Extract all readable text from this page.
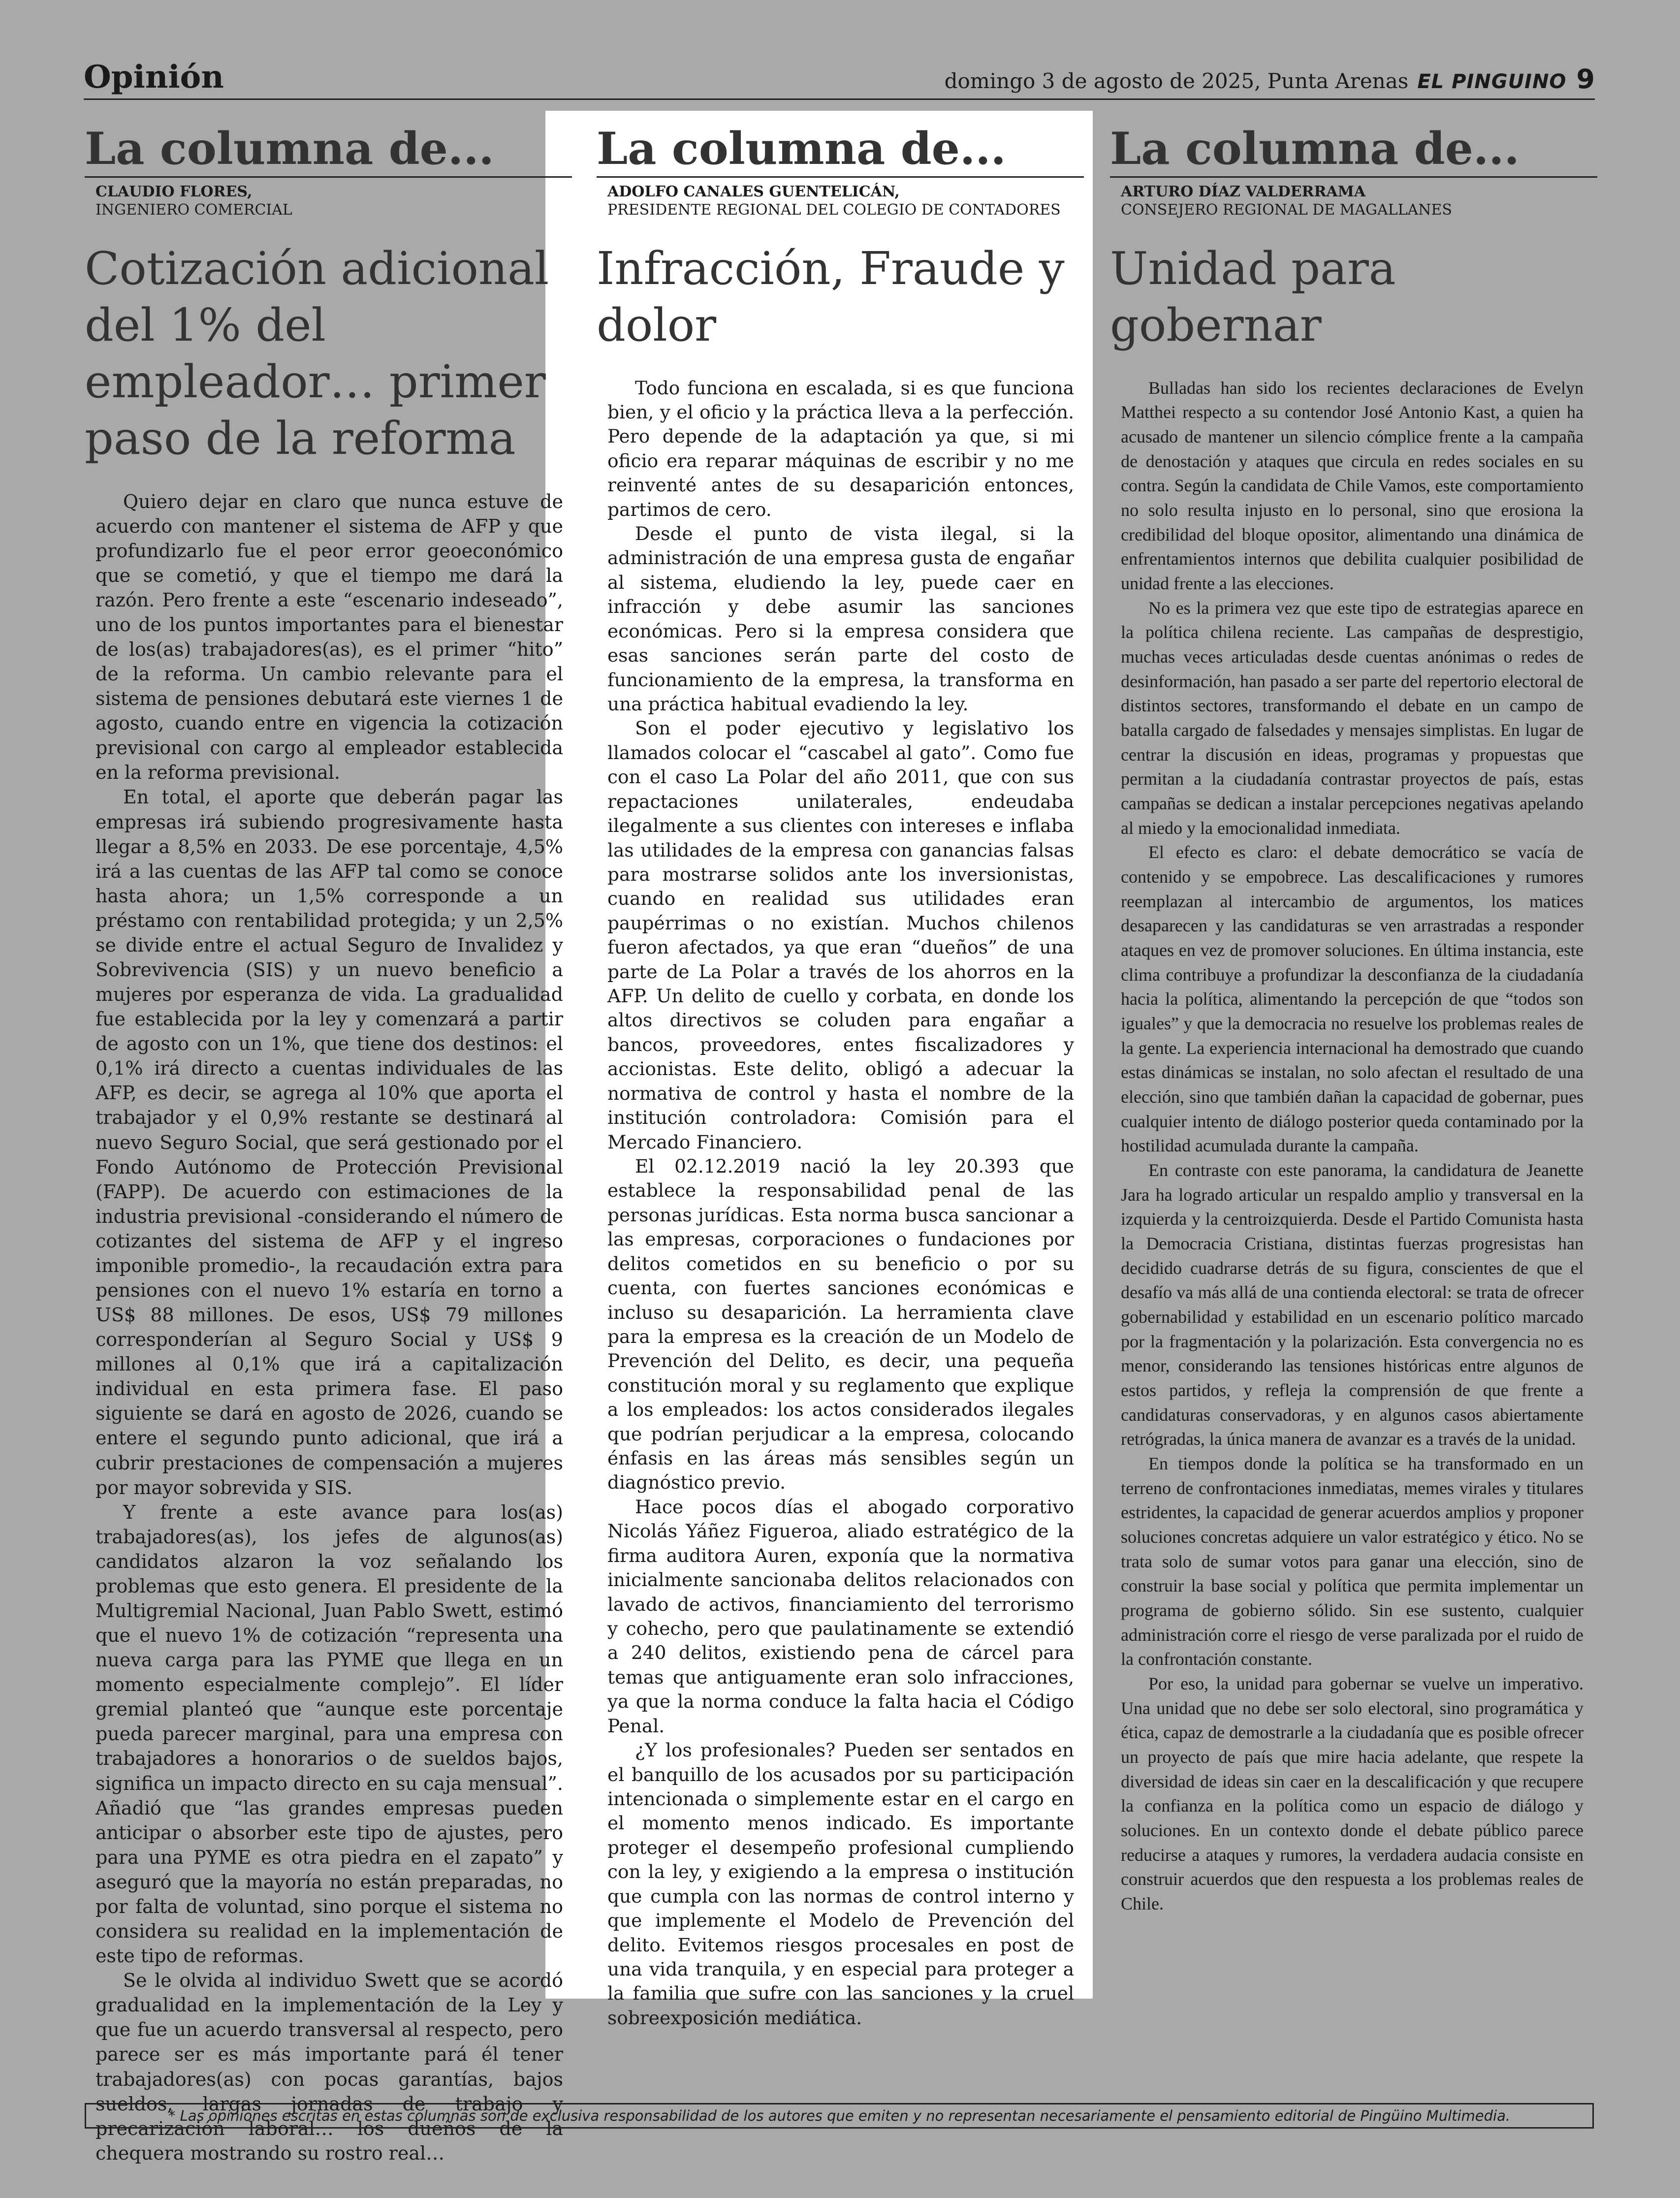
Opinión	domingo 3 de agosto de 2025, Punta Arenas EL PINGUINO 9
La columna de...
CLAUDIO FLORES,
INGENIERO COMERCIAL
Cotización adicional del 1% del empleador… primer paso de la reforma

Quiero dejar en claro que nunca estuve de acuerdo con mantener el sistema de AFP y que profundizarlo fue el peor error geoeconómico que se cometió, y que el tiempo me dará la razón. Pero frente a este “escenario indeseado”, uno de los puntos importantes para el bienestar de los(as) trabajadores(as), es el primer “hito” de la reforma. Un cambio relevante para el sistema de pensiones debutará este viernes 1 de agosto, cuando entre en vigencia la cotización previsional con cargo al empleador establecida en la reforma previsional.

En total, el aporte que deberán pagar las empresas irá subiendo progresivamente hasta llegar a 8,5% en 2033. De ese porcentaje, 4,5% irá a las cuentas de las AFP tal como se conoce hasta ahora; un 1,5% corresponde a un préstamo con rentabilidad protegida; y un 2,5% se divide entre el actual Seguro de Invalidez y Sobrevivencia (SIS) y un nuevo beneficio a mujeres por esperanza de vida. La gradualidad fue establecida por la ley y comenzará a partir de agosto con un 1%, que tiene dos destinos: el 0,1% irá directo a cuentas individuales de las AFP, es decir, se agrega al 10% que aporta el trabajador y el 0,9% restante se destinará al nuevo Seguro Social, que será gestionado por el Fondo Autónomo de Protección Previsional (FAPP). De acuerdo con estimaciones de la industria previsional -considerando el número de cotizantes del sistema de AFP y el ingreso imponible promedio-, la recaudación extra para pensiones con el nuevo 1% estaría en torno a US$ 88 millones. De esos, US$ 79 millones corresponderían al Seguro Social y US$ 9 millones al 0,1% que irá a capitalización individual en esta primera fase. El paso siguiente se dará en agosto de 2026, cuando se entere el segundo punto adicional, que irá a cubrir prestaciones de compensación a mujeres por mayor sobrevida y SIS.

Y frente a este avance para los(as) trabajadores(as), los jefes de algunos(as) candidatos alzaron la voz señalando los problemas que esto genera. El presidente de la Multigremial Nacional, Juan Pablo Swett, estimó que el nuevo 1% de cotización “representa una nueva carga para las PYME que llega en un momento especialmente complejo”. El líder gremial planteó que “aunque este porcentaje pueda parecer marginal, para una empresa con trabajadores a honorarios o de sueldos bajos, significa un impacto directo en su caja mensual”. Añadió que “las grandes empresas pueden anticipar o absorber este tipo de ajustes, pero para una PYME es otra piedra en el zapato” y aseguró que la mayoría no están preparadas, no por falta de voluntad, sino porque el sistema no considera su realidad en la implementación de este tipo de reformas.

Se le olvida al individuo Swett que se acordó gradualidad en la implementación de la Ley y que fue un acuerdo transversal al respecto, pero parece ser es más importante pará él tener trabajadores(as) con pocas garantías, bajos sueldos, largas jornadas de trabajo y precarización laboral… los dueños de la chequera mostrando su rostro real…

La columna de...
ADOLFO CANALES GUENTELICÁN,
PRESIDENTE REGIONAL DEL COLEGIO DE CONTADORES
Infracción, Fraude y dolor

Todo funciona en escalada, si es que funciona bien, y el oficio y la práctica lleva a la perfección. Pero depende de la adaptación ya que, si mi oficio era reparar máquinas de escribir y no me reinventé antes de su desaparición entonces, partimos de cero.

Desde el punto de vista ilegal, si la administración de una empresa gusta de engañar al sistema, eludiendo la ley, puede caer en infracción y debe asumir las sanciones económicas. Pero si la empresa considera que esas sanciones serán parte del costo de funcionamiento de la empresa, la transforma en una práctica habitual evadiendo la ley.

Son el poder ejecutivo y legislativo los llamados colocar el “cascabel al gato”. Como fue con el caso La Polar del año 2011, que con sus repactaciones unilaterales, endeudaba ilegalmente a sus clientes con intereses e inflaba las utilidades de la empresa con ganancias falsas para mostrarse solidos ante los inversionistas, cuando en realidad sus utilidades eran paupérrimas o no existían. Muchos chilenos fueron afectados, ya que eran “dueños” de una parte de La Polar a través de los ahorros en la AFP. Un delito de cuello y corbata, en donde los altos directivos se coluden para engañar a bancos, proveedores, entes fiscalizadores y accionistas. Este delito, obligó a adecuar la normativa de control y hasta el nombre de la institución controladora: Comisión para el Mercado Financiero.

El 02.12.2019 nació la ley 20.393 que establece la responsabilidad penal de las personas jurídicas. Esta norma busca sancionar a las empresas, corporaciones o fundaciones por delitos cometidos en su beneficio o por su cuenta, con fuertes sanciones económicas e incluso su desaparición. La herramienta clave para la empresa es la creación de un Modelo de Prevención del Delito, es decir, una pequeña constitución moral y su reglamento que explique a los empleados: los actos considerados ilegales que podrían perjudicar a la empresa, colocando énfasis en las áreas más sensibles según un diagnóstico previo.

Hace pocos días el abogado corporativo Nicolás Yáñez Figueroa, aliado estratégico de la firma auditora Auren, exponía que la normativa inicialmente sancionaba delitos relacionados con lavado de activos, financiamiento del terrorismo y cohecho, pero que paulatinamente se extendió a 240 delitos, existiendo pena de cárcel para temas que antiguamente eran solo infracciones, ya que la norma conduce la falta hacia el Código Penal.

¿Y los profesionales? Pueden ser sentados en el banquillo de los acusados por su participación intencionada o simplemente estar en el cargo en el momento menos indicado. Es importante proteger el desempeño profesional cumpliendo con la ley, y exigiendo a la empresa o institución que cumpla con las normas de control interno y que implemente el Modelo de Prevención del delito. Evitemos riesgos procesales en post de una vida tranquila, y en especial para proteger a la familia que sufre con las sanciones y la cruel sobreexposición mediática.

La columna de...
ARTURO DÍAZ VALDERRAMA
CONSEJERO REGIONAL DE MAGALLANES
Unidad para gobernar

Bulladas han sido los recientes declaraciones de Evelyn Matthei respecto a su contendor José Antonio Kast, a quien ha acusado de mantener un silencio cómplice frente a la campaña de denostación y ataques que circula en redes sociales en su contra. Según la candidata de Chile Vamos, este comportamiento no solo resulta injusto en lo personal, sino que erosiona la credibilidad del bloque opositor, alimentando una dinámica de enfrentamientos internos que debilita cualquier posibilidad de unidad frente a las elecciones.

No es la primera vez que este tipo de estrategias aparece en la política chilena reciente. Las campañas de desprestigio, muchas veces articuladas desde cuentas anónimas o redes de desinformación, han pasado a ser parte del repertorio electoral de distintos sectores, transformando el debate en un campo de batalla cargado de falsedades y mensajes simplistas. En lugar de centrar la discusión en ideas, programas y propuestas que permitan a la ciudadanía contrastar proyectos de país, estas campañas se dedican a instalar percepciones negativas apelando al miedo y la emocionalidad inmediata.

El efecto es claro: el debate democrático se vacía de contenido y se empobrece. Las descalificaciones y rumores reemplazan al intercambio de argumentos, los matices desaparecen y las candidaturas se ven arrastradas a responder ataques en vez de promover soluciones. En última instancia, este clima contribuye a profundizar la desconfianza de la ciudadanía hacia la política, alimentando la percepción de que “todos son iguales” y que la democracia no resuelve los problemas reales de la gente. La experiencia internacional ha demostrado que cuando estas dinámicas se instalan, no solo afectan el resultado de una elección, sino que también dañan la capacidad de gobernar, pues cualquier intento de diálogo posterior queda contaminado por la hostilidad acumulada durante la campaña.

En contraste con este panorama, la candidatura de Jeanette Jara ha logrado articular un respaldo amplio y transversal en la izquierda y la centroizquierda. Desde el Partido Comunista hasta la Democracia Cristiana, distintas fuerzas progresistas han decidido cuadrarse detrás de su figura, conscientes de que el desafío va más allá de una contienda electoral: se trata de ofrecer gobernabilidad y estabilidad en un escenario político marcado por la fragmentación y la polarización. Esta convergencia no es menor, considerando las tensiones históricas entre algunos de estos partidos, y refleja la comprensión de que frente a candidaturas conservadoras, y en algunos casos abiertamente retrógradas, la única manera de avanzar es a través de la unidad.

En tiempos donde la política se ha transformado en un terreno de confrontaciones inmediatas, memes virales y titulares estridentes, la capacidad de generar acuerdos amplios y proponer soluciones concretas adquiere un valor estratégico y ético. No se trata solo de sumar votos para ganar una elección, sino de construir la base social y política que permita implementar un programa de gobierno sólido. Sin ese sustento, cualquier administración corre el riesgo de verse paralizada por el ruido de la confrontación constante.

Por eso, la unidad para gobernar se vuelve un imperativo. Una unidad que no debe ser solo electoral, sino programática y ética, capaz de demostrarle a la ciudadanía que es posible ofrecer un proyecto de país que mire hacia adelante, que respete la diversidad de ideas sin caer en la descalificación y que recupere la confianza en la política como un espacio de diálogo y soluciones. En un contexto donde el debate público parece reducirse a ataques y rumores, la verdadera audacia consiste en construir acuerdos que den respuesta a los problemas reales de Chile.

* Las opiniones escritas en estas columnas son de exclusiva responsabilidad de los autores que emiten y no representan necesariamente el pensamiento editorial de Pingüino Multimedia.
